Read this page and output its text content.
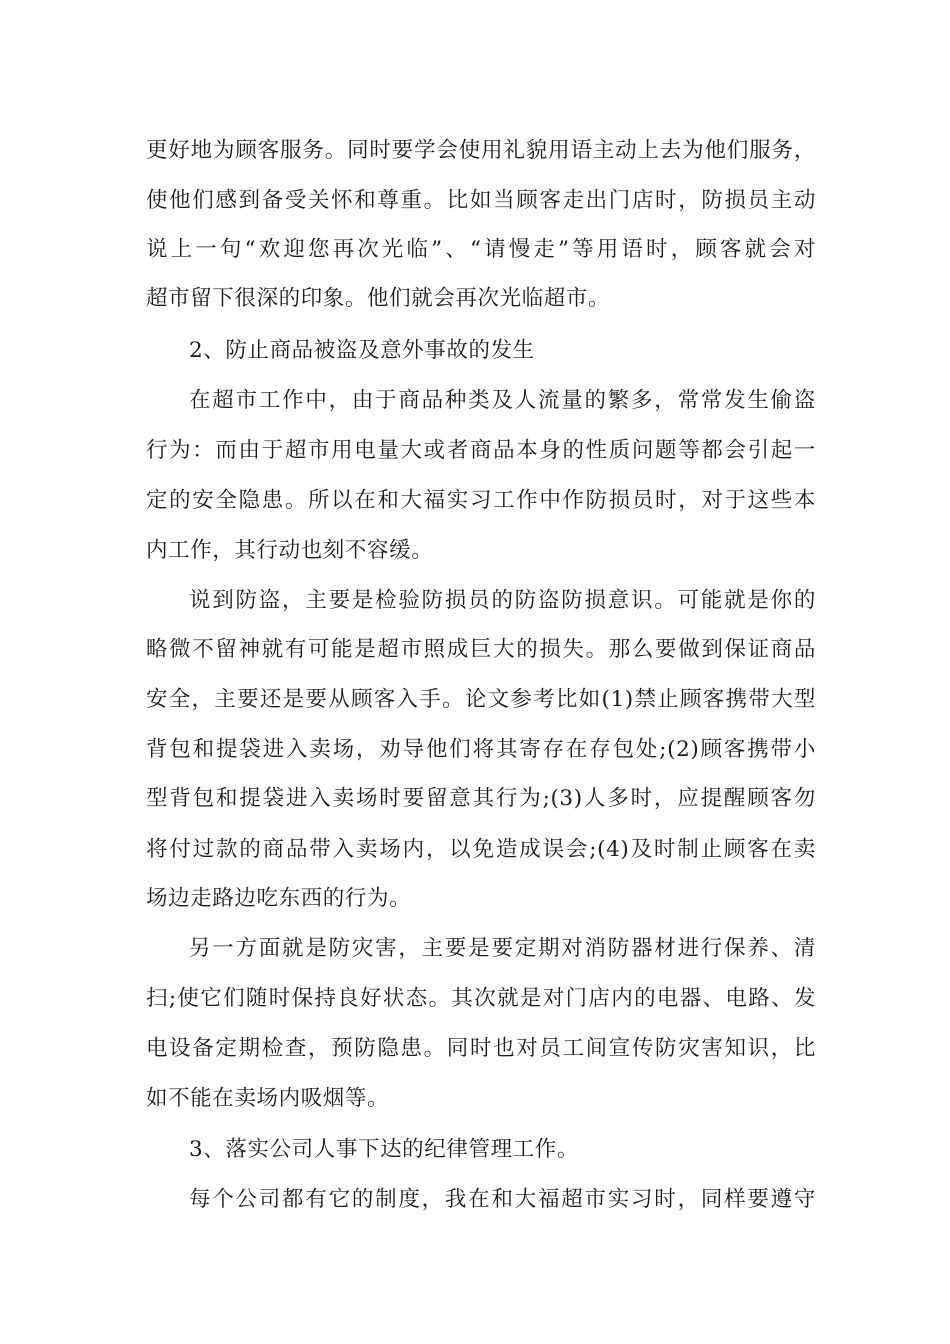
更好地为顾客服务。同时要学会使用礼貌用语主动上去为他们服务，
使他们感到备受关怀和尊重。比如当顾客走出门店时，防损员主动
说上一句“欢迎您再次光临”、“请慢走”等用语时，顾客就会对
超市留下很深的印象。他们就会再次光临超市。
2、防止商品被盗及意外事故的发生
在超市工作中，由于商品种类及人流量的繁多，常常发生偷盗
行为：而由于超市用电量大或者商品本身的性质问题等都会引起一
定的安全隐患。所以在和大福实习工作中作防损员时，对于这些本
内工作，其行动也刻不容缓。
说到防盗，主要是检验防损员的防盗防损意识。可能就是你的
略微不留神就有可能是超市照成巨大的损失。那么要做到保证商品
安全，主要还是要从顾客入手。论文参考比如(1)禁止顾客携带大型
背包和提袋进入卖场，劝导他们将其寄存在存包处;(2)顾客携带小
型背包和提袋进入卖场时要留意其行为;(3)人多时，应提醒顾客勿
将付过款的商品带入卖场内，以免造成误会;(4)及时制止顾客在卖
场边走路边吃东西的行为。
另一方面就是防灾害，主要是要定期对消防器材进行保养、清
扫;使它们随时保持良好状态。其次就是对门店内的电器、电路、发
电设备定期检查，预防隐患。同时也对员工间宣传防灾害知识，比
如不能在卖场内吸烟等。
3、落实公司人事下达的纪律管理工作。
每个公司都有它的制度，我在和大福超市实习时，同样要遵守
